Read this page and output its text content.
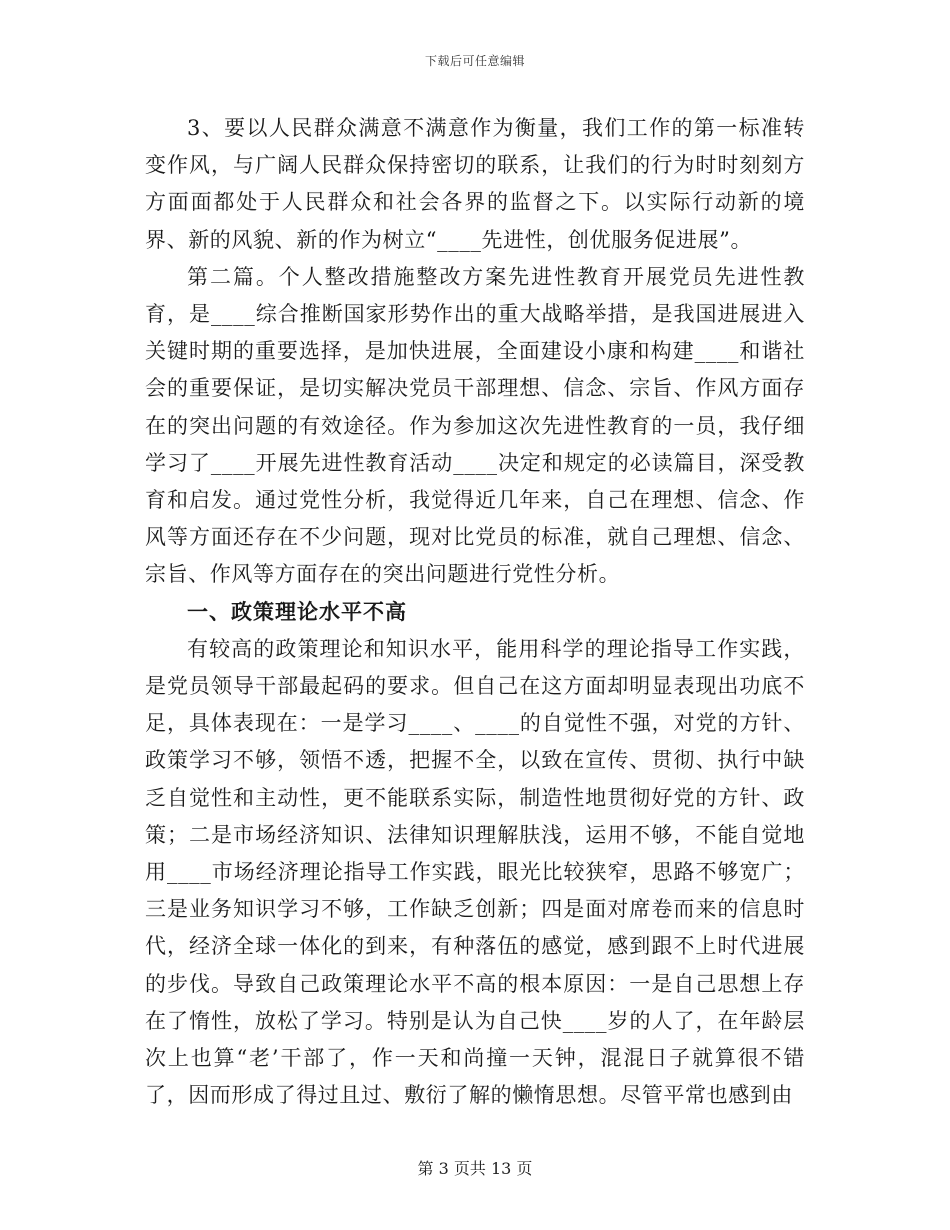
下载后可任意编辑

3、要以人民群众满意不满意作为衡量，我们工作的第一标准转变作风，与广阔人民群众保持密切的联系，让我们的行为时时刻刻方方面面都处于人民群众和社会各界的监督之下。以实际行动新的境界、新的风貌、新的作为树立“____先进性，创优服务促进展”。

第二篇。个人整改措施整改方案先进性教育开展党员先进性教育，是____综合推断国家形势作出的重大战略举措，是我国进展进入关键时期的重要选择，是加快进展，全面建设小康和构建____和谐社会的重要保证，是切实解决党员干部理想、信念、宗旨、作风方面存在的突出问题的有效途径。作为参加这次先进性教育的一员，我仔细学习了____开展先进性教育活动____决定和规定的必读篇目，深受教育和启发。通过党性分析，我觉得近几年来，自己在理想、信念、作风等方面还存在不少问题，现对比党员的标准，就自己理想、信念、宗旨、作风等方面存在的突出问题进行党性分析。

一、政策理论水平不高

有较高的政策理论和知识水平，能用科学的理论指导工作实践，是党员领导干部最起码的要求。但自己在这方面却明显表现出功底不足，具体表现在：一是学习____、____的自觉性不强，对党的方针、政策学习不够，领悟不透，把握不全，以致在宣传、贯彻、执行中缺乏自觉性和主动性，更不能联系实际，制造性地贯彻好党的方针、政策；二是市场经济知识、法律知识理解肤浅，运用不够，不能自觉地用____市场经济理论指导工作实践，眼光比较狭窄，思路不够宽广；三是业务知识学习不够，工作缺乏创新；四是面对席卷而来的信息时代，经济全球一体化的到来，有种落伍的感觉，感到跟不上时代进展的步伐。导致自己政策理论水平不高的根本原因：一是自己思想上存在了惰性，放松了学习。特别是认为自己快____岁的人了，在年龄层次上也算“老’干部了，作一天和尚撞一天钟，混混日子就算很不错了，因而形成了得过且过、敷衍了解的懒惰思想。尽管平常也感到由

第 3 页共 13 页
